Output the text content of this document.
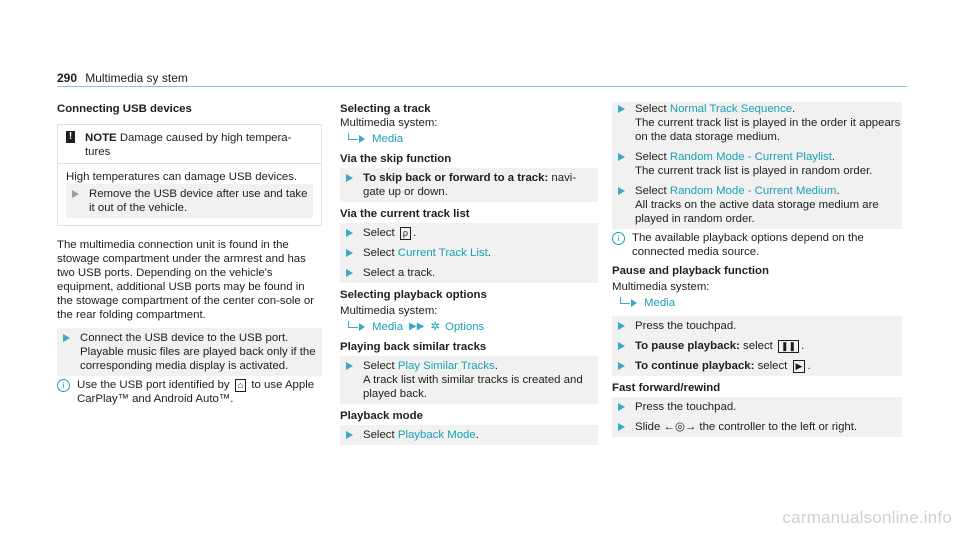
290 Multimedia sy stem

Connecting USB devices

! NOTE Damage caused by high tempera-tures

High temperatures can damage USB devices.

Remove the USB device after use and take it out of the vehicle.

The multimedia connection unit is found in the stowage compartment under the armrest and has two USB ports. Depending on the vehicle's equipment, additional USB ports may be found in the stowage compartment of the center con-sole or the rear folding compartment.

Connect the USB device to the USB port. Playable music files are played back only if the corresponding media display is activated.
i	Use the USB port identified by ⌂ to use Apple CarPlay™ and Android Auto™.

Selecting a track

Multimedia system:

Media

Via the skip function

To skip back or forward to a track: navi-gate up or down.

Via the current track list

Select ρ .
Select Current Track List.
Select a track.

Selecting playback options

Multimedia system:

Media ▶▶ ✲ Options

Playing back similar tracks

Select Play Similar Tracks.
A track list with similar tracks is created and played back.

Playback mode

Select Playback Mode.
Select Normal Track Sequence.
The current track list is played in the order it appears on the data storage medium.
Select Random Mode - Current Playlist.
The current track list is played in random order.
Select Random Mode - Current Medium.
All tracks on the active data storage medium are played in random order.
i	The available playback options depend on the connected media source.

Pause and playback function

Multimedia system:

Media
Press the touchpad.
To pause playback: select ❚❚ .
To continue playback: select ▶ .

Fast forward/rewind

Press the touchpad.
Slide ←◎→ the controller to the left or right.
carmanualsonline.info
